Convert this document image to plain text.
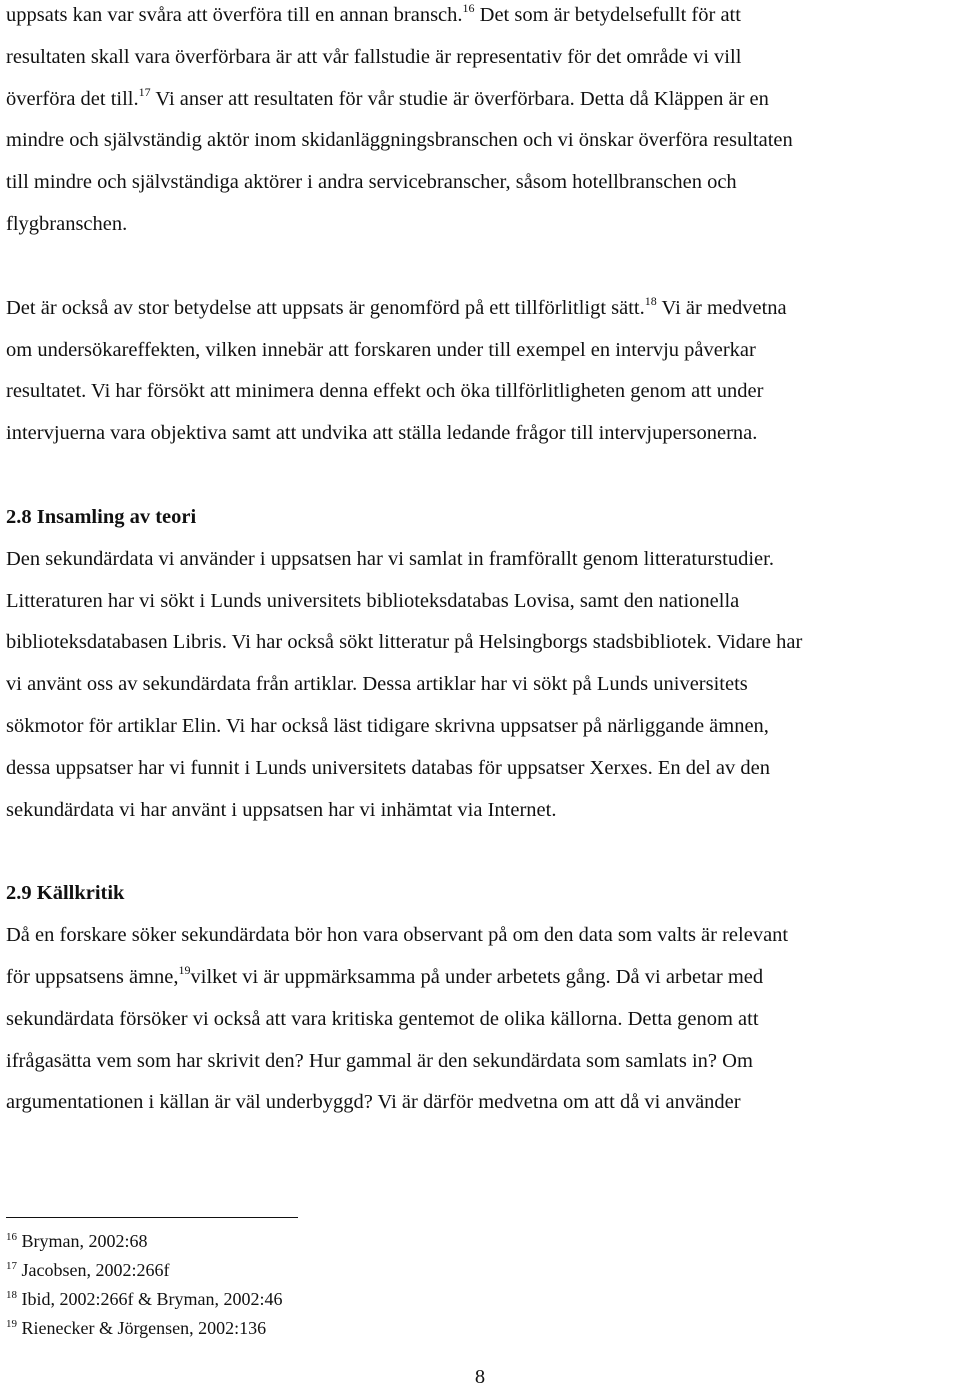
uppsats kan var svåra att överföra till en annan bransch.$^{16}$ Det som är betydelsefullt för att
resultaten skall vara överförbara är att vår fallstudie är representativ för det område vi vill
överföra det till.$^{17}$ Vi anser att resultaten för vår studie är överförbara. Detta då Kläppen är en
mindre och självständig aktör inom skidanläggningsbranschen och vi önskar överföra resultaten
till mindre och självständiga aktörer i andra servicebranscher, såsom hotellbranschen och
flygbranschen.

Det är också av stor betydelse att uppsats är genomförd på ett tillförlitligt sätt.$^{18}$ Vi är medvetna
om undersökareffekten, vilken innebär att forskaren under till exempel en intervju påverkar
resultatet. Vi har försökt att minimera denna effekt och öka tillförlitligheten genom att under
intervjuerna vara objektiva samt att undvika att ställa ledande frågor till intervjupersonerna.

2.8 Insamling av teori

Den sekundärdata vi använder i uppsatsen har vi samlat in framförallt genom litteraturstudier.
Litteraturen har vi sökt i Lunds universitets biblioteksdatabas Lovisa, samt den nationella
biblioteksdatabasen Libris. Vi har också sökt litteratur på Helsingborgs stadsbibliotek. Vidare har
vi använt oss av sekundärdata från artiklar. Dessa artiklar har vi sökt på Lunds universitets
sökmotor för artiklar Elin. Vi har också läst tidigare skrivna uppsatser på närliggande ämnen,
dessa uppsatser har vi funnit i Lunds universitets databas för uppsatser Xerxes. En del av den
sekundärdata vi har använt i uppsatsen har vi inhämtat via Internet.

2.9 Källkritik

Då en forskare söker sekundärdata bör hon vara observant på om den data som valts är relevant
för uppsatsens ämne,$^{19}$vilket vi är uppmärksamma på under arbetets gång. Då vi arbetar med
sekundärdata försöker vi också att vara kritiska gentemot de olika källorna. Detta genom att
ifrågasätta vem som har skrivit den? Hur gammal är den sekundärdata som samlats in? Om
argumentationen i källan är väl underbyggd? Vi är därför medvetna om att då vi använder

$^{16}$ Bryman, 2002:68
$^{17}$ Jacobsen, 2002:266f
$^{18}$ Ibid, 2002:266f & Bryman, 2002:46
$^{19}$ Rienecker & Jörgensen, 2002:136
8
